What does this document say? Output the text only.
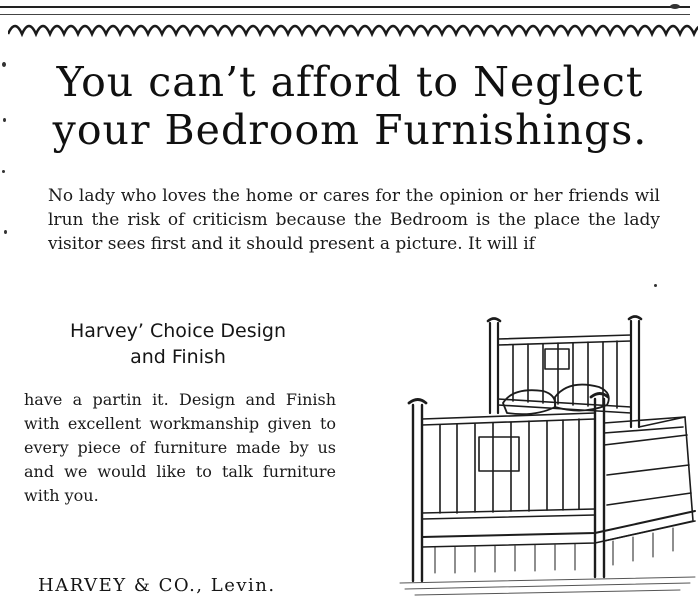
You can’t afford to Neglect
your Bedroom Furnishings.
No lady who loves the home or cares for the opinion or her friends wil lrun the risk of criticism because the Bedroom is the place the lady visitor sees first and it should present a picture. It will if
Harvey’ Choice Design
and Finish
have a partin it. Design and Finish with excellent workmanship given to every piece of furniture made by us and we would like to talk furniture with you.
HARVEY & CO., Levin.
